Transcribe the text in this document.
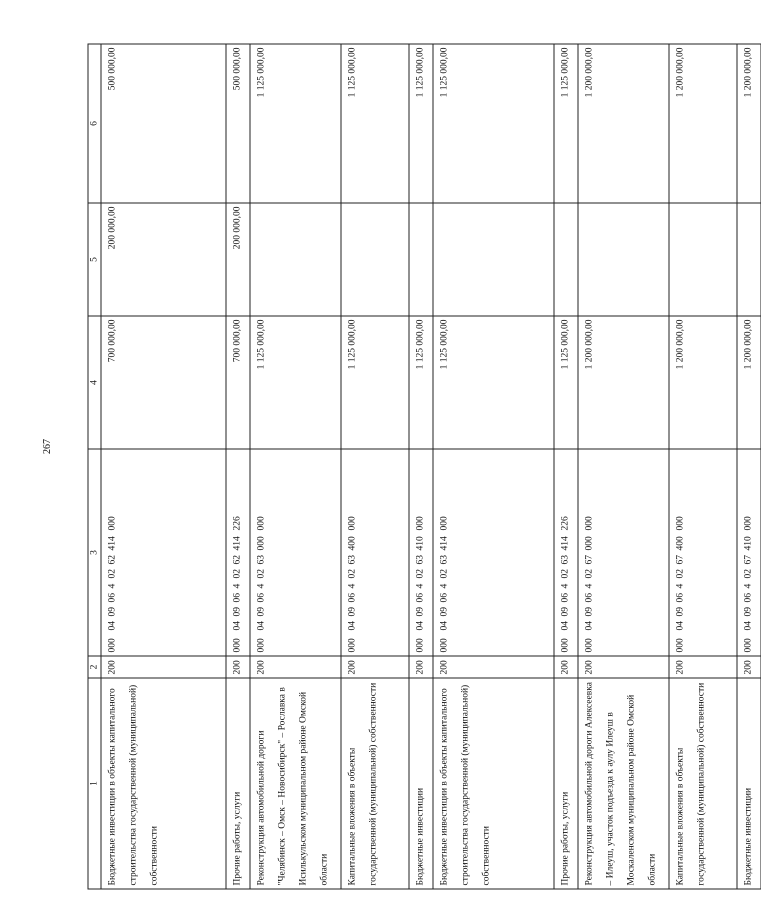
267
1	2	3	4	5	6
Бюджетные инвестиции в объекты капитального строительства государственной (муниципальной) собственности	200	00004090640262414000	700 000,00	200 000,00	500 000,00
Прочие работы, услуги	200	00004090640262414226	700 000,00	200 000,00	500 000,00
Реконструкция автомобильной дороги "Челябинск – Омск – Новосибирск" – Рославка в Исилькульском муниципальном районе Омской области	200	00004090640263000000	1 125 000,00		1 125 000,00
Капитальные вложения в объекты государственной (муниципальной) собственности	200	00004090640263400000	1 125 000,00		1 125 000,00
Бюджетные инвестиции	200	00004090640263410000	1 125 000,00		1 125 000,00
Бюджетные инвестиции в объекты капитального строительства государственной (муниципальной) собственности	200	00004090640263414000	1 125 000,00		1 125 000,00
Прочие работы, услуги	200	00004090640263414226	1 125 000,00		1 125 000,00
Реконструкция автомобильной дороги Алексеевка – Илеуш, участок подъезда к аулу Илеуш в Москаленском муниципальном районе Омской области	200	00004090640267000000	1 200 000,00		1 200 000,00
Капитальные вложения в объекты государственной (муниципальной) собственности	200	00004090640267400000	1 200 000,00		1 200 000,00
Бюджетные инвестиции	200	00004090640267410000	1 200 000,00		1 200 000,00
